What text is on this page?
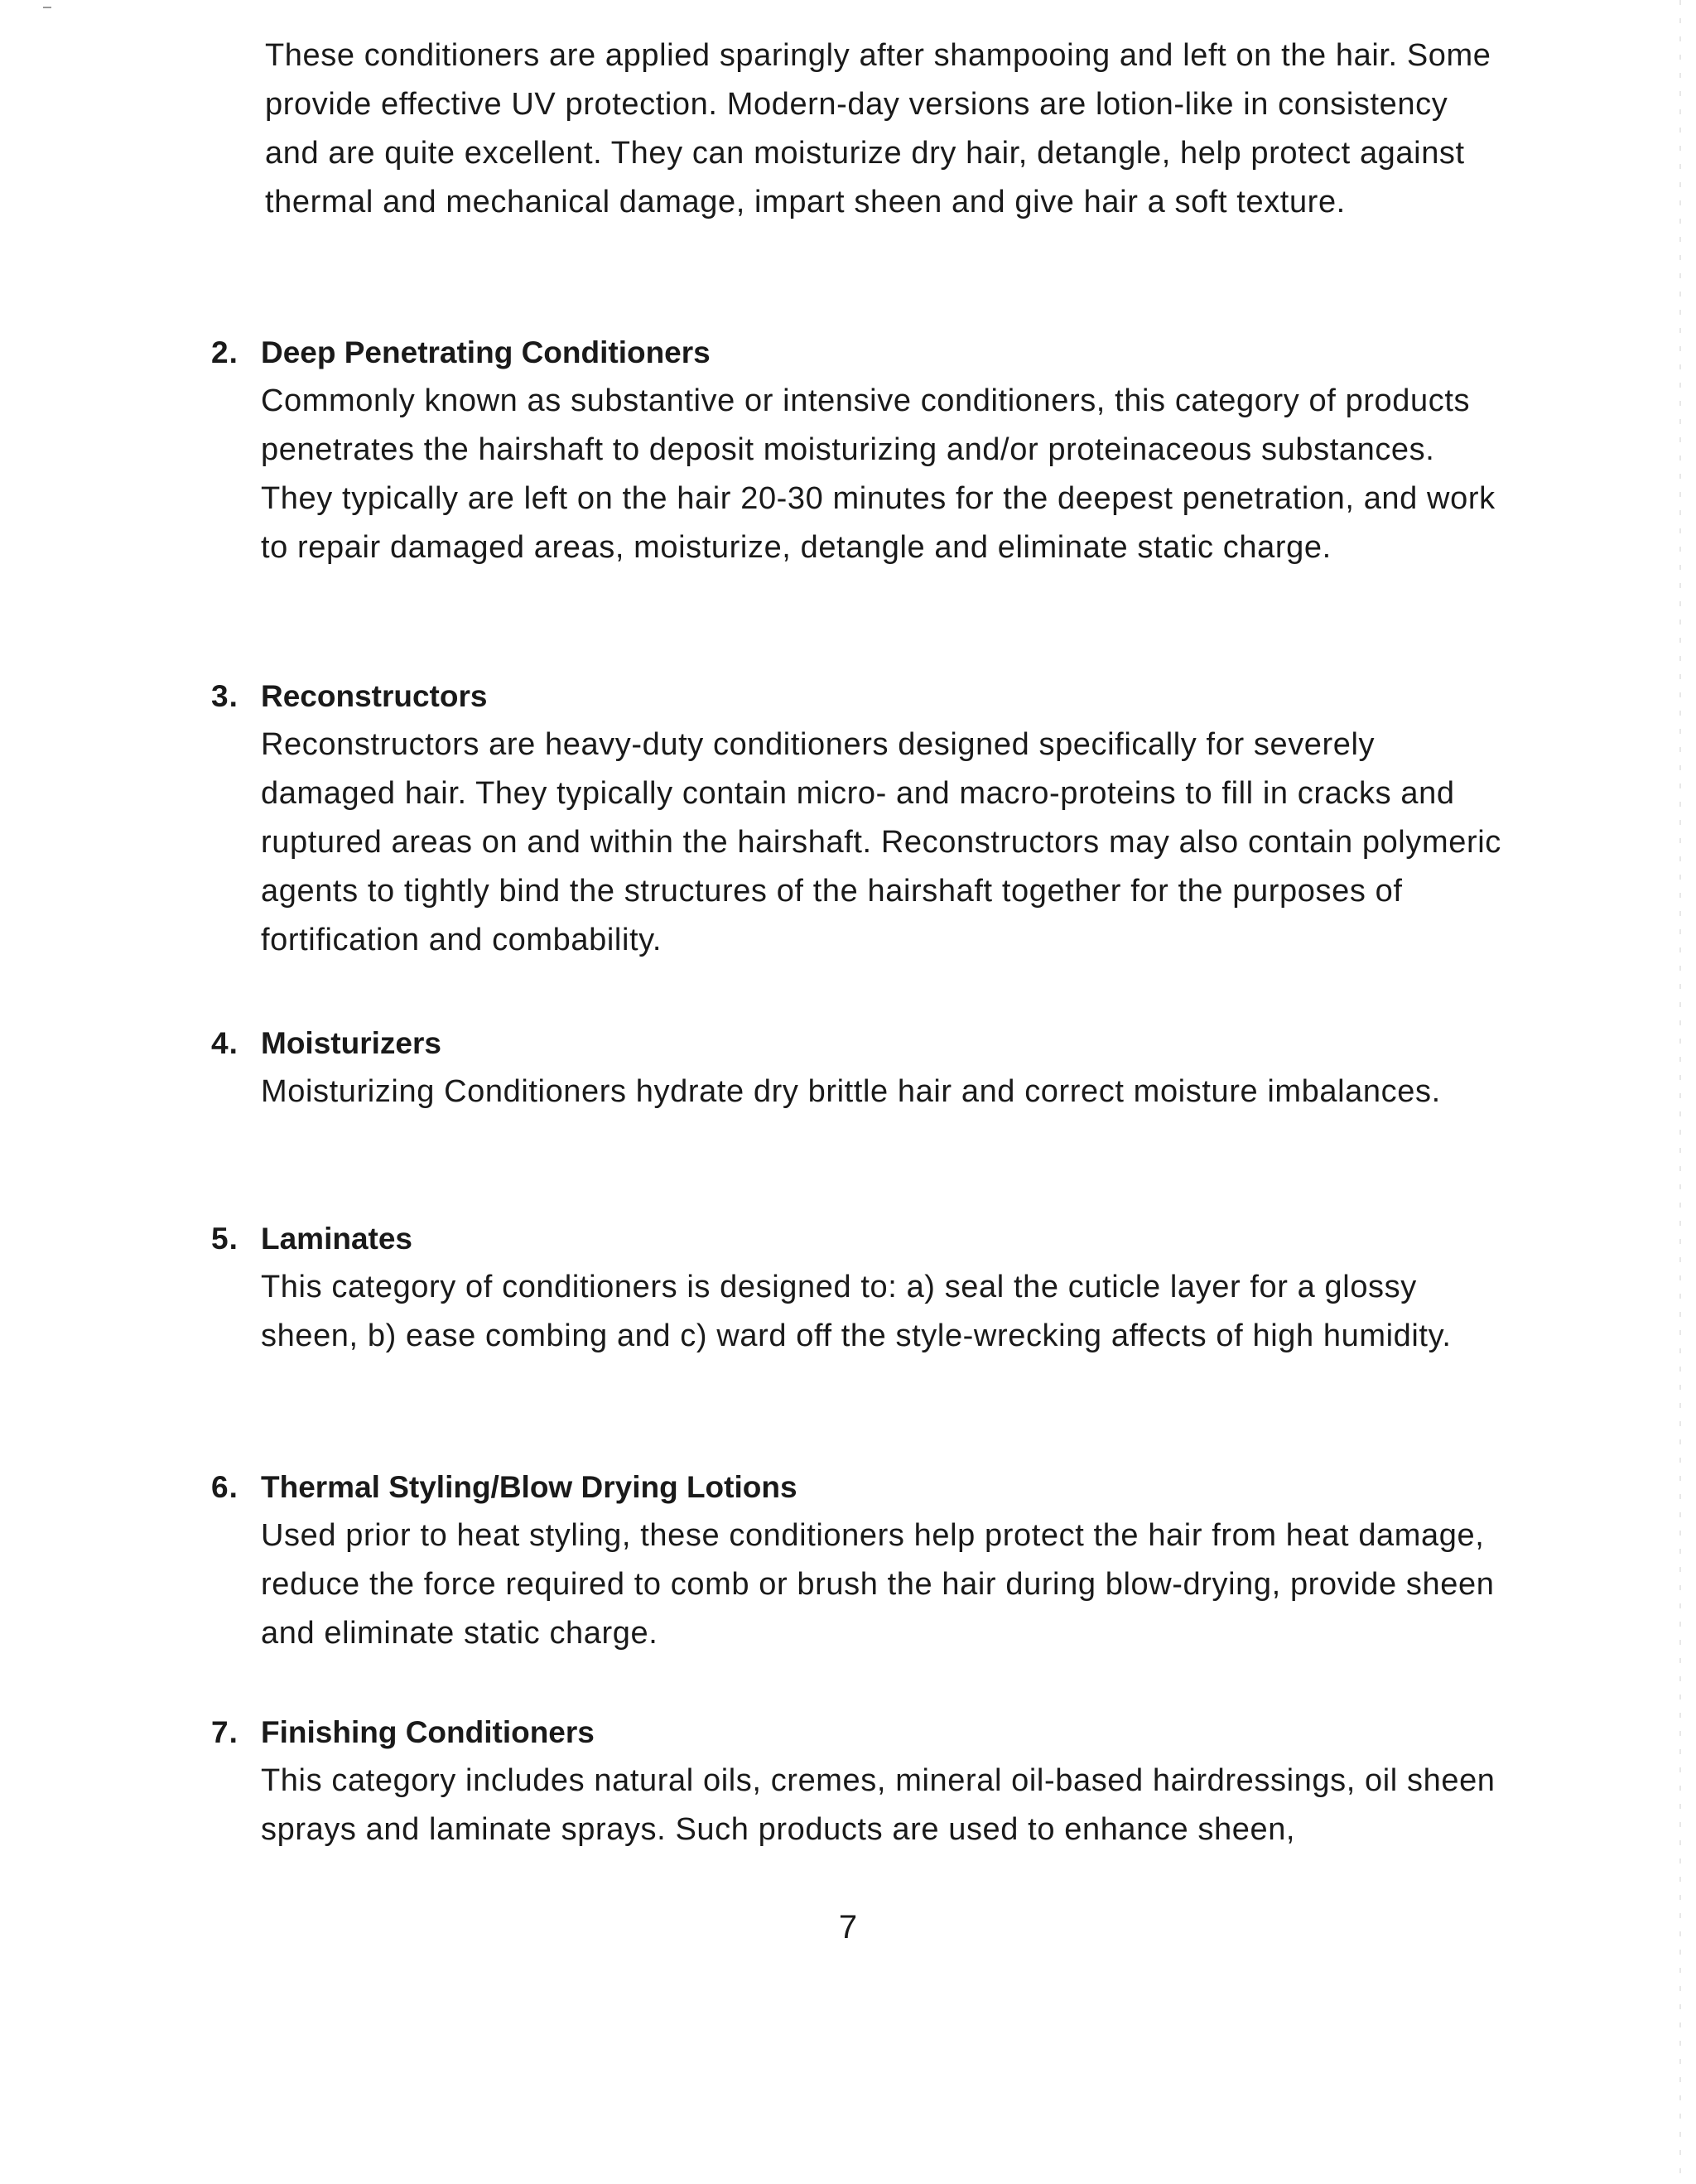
These conditioners are applied sparingly after shampooing and left on the hair. Some provide effective UV protection. Modern-day versions are lotion-like in consistency and are quite excellent. They can moisturize dry hair, detangle, help protect against thermal and mechanical damage, impart sheen and give hair a soft texture.

2. Deep Penetrating Conditioners

Commonly known as substantive or intensive conditioners, this category of products penetrates the hairshaft to deposit moisturizing and/or proteinaceous substances. They typically are left on the hair 20-30 minutes for the deepest penetration, and work to repair damaged areas, moisturize, detangle and eliminate static charge.

3. Reconstructors

Reconstructors are heavy-duty conditioners designed specifically for severely damaged hair. They typically contain micro- and macro-proteins to fill in cracks and ruptured areas on and within the hairshaft. Reconstructors may also contain polymeric agents to tightly bind the structures of the hairshaft together for the purposes of fortification and combability.

4. Moisturizers

Moisturizing Conditioners hydrate dry brittle hair and correct moisture imbalances.

5. Laminates

This category of conditioners is designed to: a) seal the cuticle layer for a glossy sheen, b) ease combing and c) ward off the style-wrecking affects of high humidity.

6. Thermal Styling/Blow Drying Lotions

Used prior to heat styling, these conditioners help protect the hair from heat damage, reduce the force required to comb or brush the hair during blow-drying, provide sheen and eliminate static charge.

7. Finishing Conditioners

This category includes natural oils, cremes, mineral oil-based hairdressings, oil sheen sprays and laminate sprays. Such products are used to enhance sheen,

7
